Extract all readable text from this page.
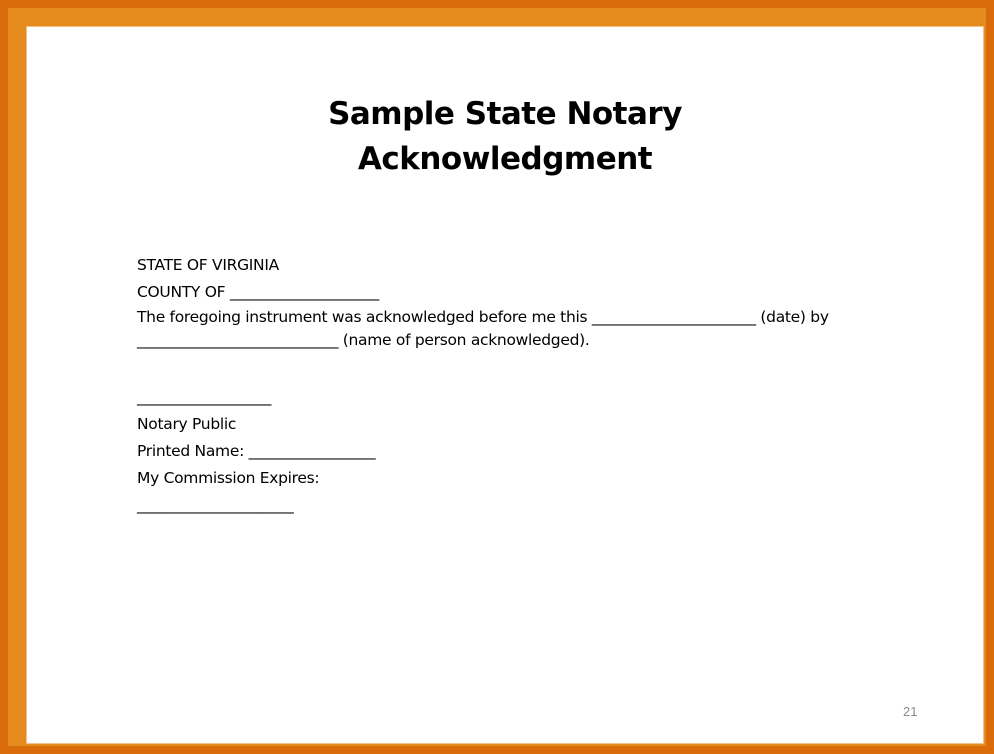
Sample State Notary
Acknowledgment
STATE OF VIRGINIA
COUNTY OF ____________________
The foregoing instrument was acknowledged before me this ______________________ (date) by
___________________________ (name of person acknowledged).
__________________
Notary Public
Printed Name: _________________
My Commission Expires:
_____________________
21
